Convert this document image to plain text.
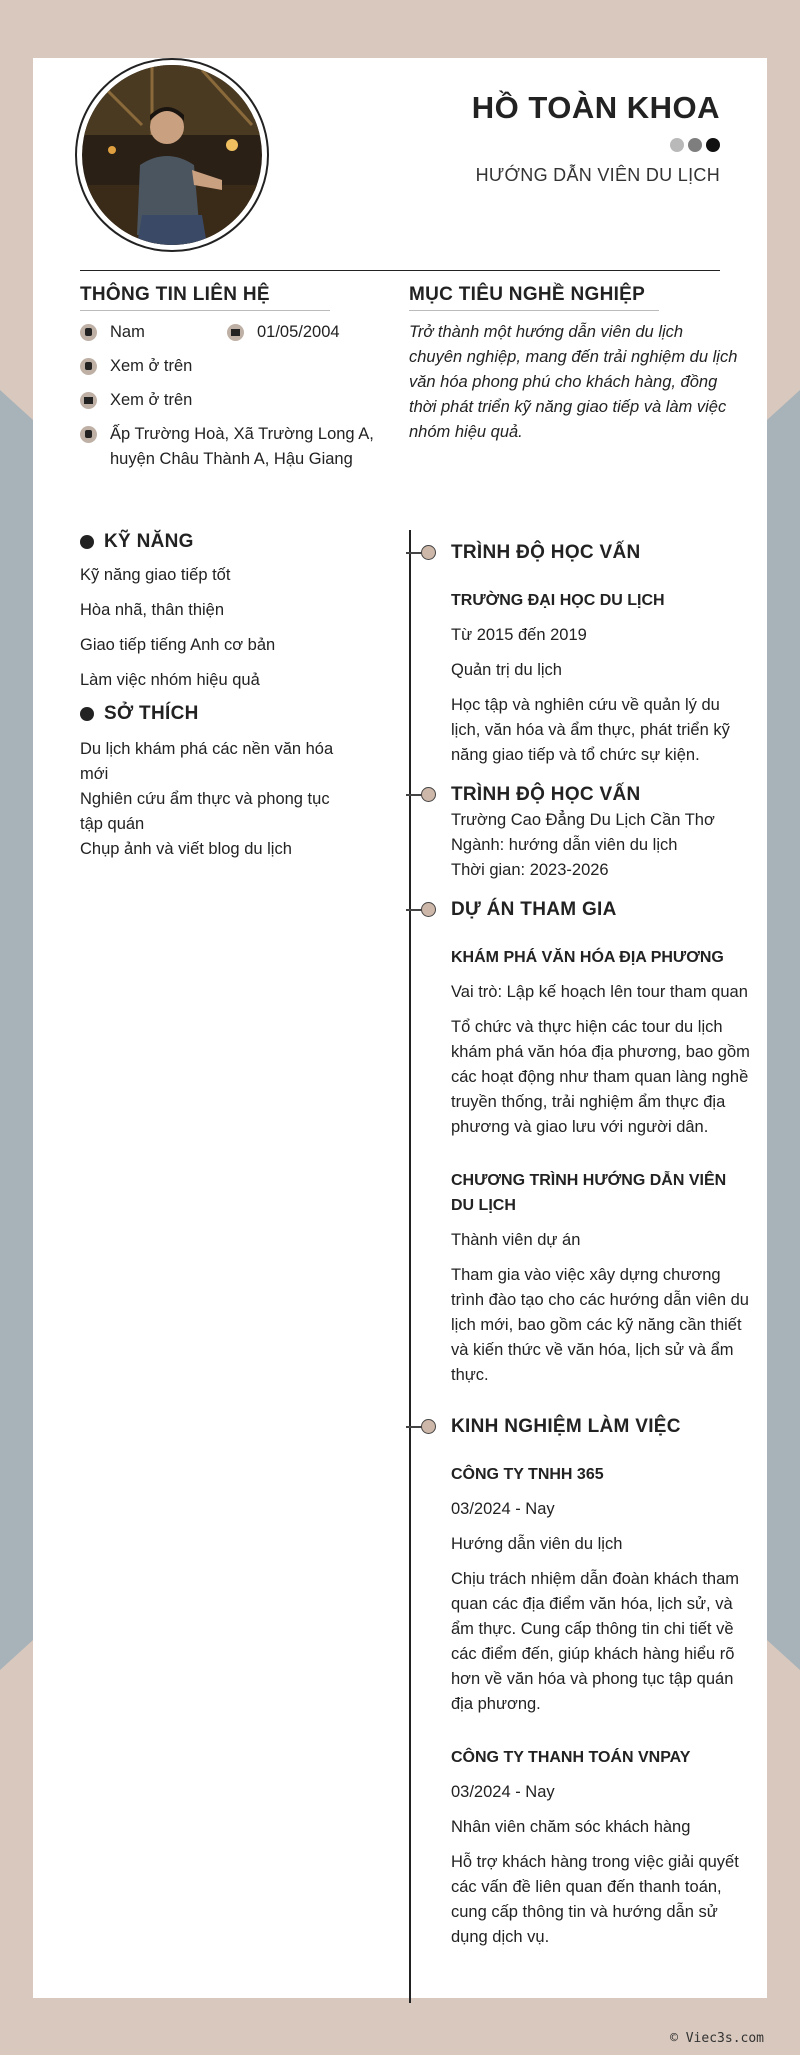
HỒ TOÀN KHOA
HƯỚNG DẪN VIÊN DU LỊCH
THÔNG TIN LIÊN HỆ
Nam	01/05/2004
Xem ở trên
Xem ở trên
Ấp Trường Hoà, Xã Trường Long A, huyện Châu Thành A, Hậu Giang
MỤC TIÊU NGHỀ NGHIỆP

Trở thành một hướng dẫn viên du lịch chuyên nghiệp, mang đến trải nghiệm du lịch văn hóa phong phú cho khách hàng, đồng thời phát triển kỹ năng giao tiếp và làm việc nhóm hiệu quả.

KỸ NĂNG
Kỹ năng giao tiếp tốt
Hòa nhã, thân thiện
Giao tiếp tiếng Anh cơ bản
Làm việc nhóm hiệu quả
SỞ THÍCH

Du lịch khám phá các nền văn hóa mới

Nghiên cứu ẩm thực và phong tục tập quán

Chụp ảnh và viết blog du lịch

TRÌNH ĐỘ HỌC VẤN
TRƯỜNG ĐẠI HỌC DU LỊCH
Từ 2015 đến 2019
Quản trị du lịch
Học tập và nghiên cứu về quản lý du lịch, văn hóa và ẩm thực, phát triển kỹ năng giao tiếp và tổ chức sự kiện.
TRÌNH ĐỘ HỌC VẤN
Trường Cao Đẳng Du Lịch Cần Thơ
Ngành: hướng dẫn viên du lịch
Thời gian: 2023-2026
DỰ ÁN THAM GIA
KHÁM PHÁ VĂN HÓA ĐỊA PHƯƠNG
Vai trò: Lập kế hoạch lên tour tham quan
Tổ chức và thực hiện các tour du lịch khám phá văn hóa địa phương, bao gồm các hoạt động như tham quan làng nghề truyền thống, trải nghiệm ẩm thực địa phương và giao lưu với người dân.
CHƯƠNG TRÌNH HƯỚNG DẪN VIÊN DU LỊCH
Thành viên dự án
Tham gia vào việc xây dựng chương trình đào tạo cho các hướng dẫn viên du lịch mới, bao gồm các kỹ năng cần thiết và kiến thức về văn hóa, lịch sử và ẩm thực.
KINH NGHIỆM LÀM VIỆC
CÔNG TY TNHH 365
03/2024 - Nay
Hướng dẫn viên du lịch
Chịu trách nhiệm dẫn đoàn khách tham quan các địa điểm văn hóa, lịch sử, và ẩm thực. Cung cấp thông tin chi tiết về các điểm đến, giúp khách hàng hiểu rõ hơn về văn hóa và phong tục tập quán địa phương.
CÔNG TY THANH TOÁN VNPAY
03/2024 - Nay
Nhân viên chăm sóc khách hàng
Hỗ trợ khách hàng trong việc giải quyết các vấn đề liên quan đến thanh toán, cung cấp thông tin và hướng dẫn sử dụng dịch vụ.
© Viec3s.com
